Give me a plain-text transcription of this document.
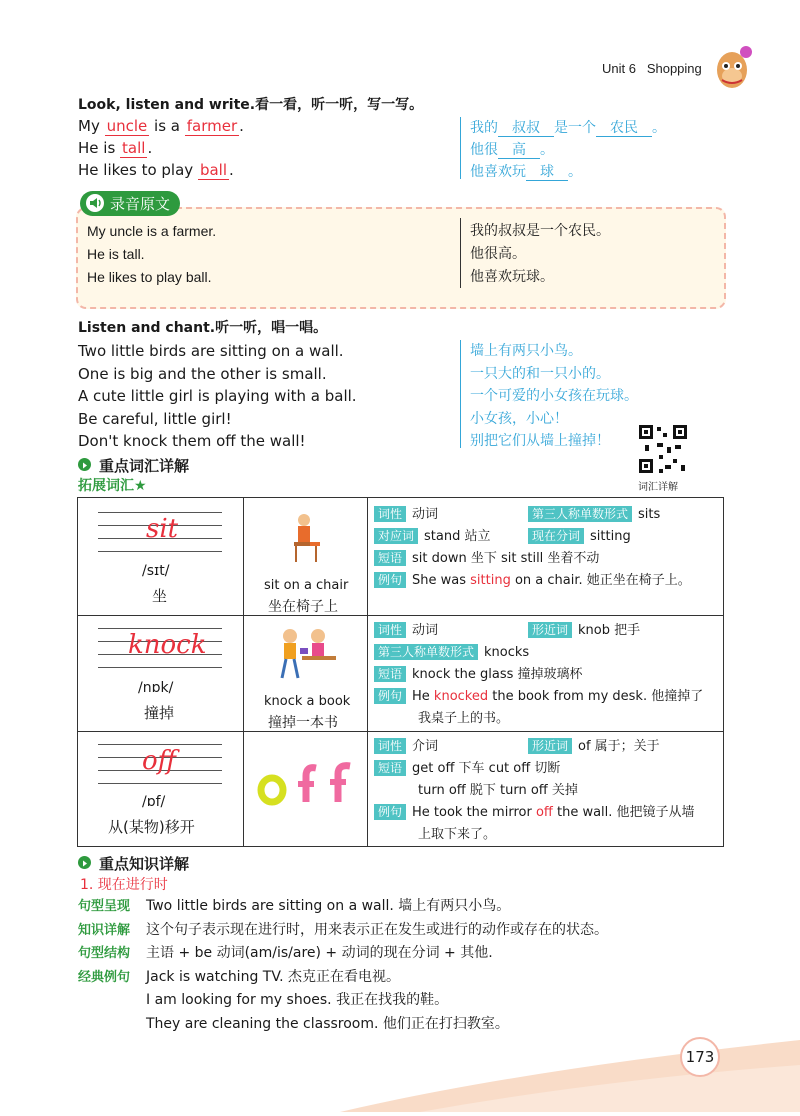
Unit 6 Shopping
Look, listen and write.看一看，听一听，写一写。
My uncle is a farmer .
He is tall .
He likes to play ball .
我的 叔叔 是一个 农民 。
他很 高 。
他喜欢玩 球 。
录音原文
My uncle is a farmer.
He is tall.
He likes to play ball.
我的叔叔是一个农民。
他很高。
他喜欢玩球。
Listen and chant.听一听，唱一唱。
Two little birds are sitting on a wall.
One is big and the other is small.
A cute little girl is playing with a ball.
Be careful, little girl!
Don't knock them off the wall!
墙上有两只小鸟。
一只大的和一只小的。
一个可爱的小女孩在玩球。
小女孩，小心！
别把它们从墙上撞掉！
词汇详解
重点词汇详解
拓展词汇★
sit
/sɪt/
坐
sit on a chair
坐在椅子上
词性 动词	第三人称单数形式 sits
对应词 stand 站立	现在分词 sitting
短语 sit down 坐下 sit still 坐着不动
例句 She was sitting on a chair. 她正坐在椅子上。
knock
/nɒk/
撞掉
knock a book
撞掉一本书
词性 动词	形近词 knob 把手
第三人称单数形式 knocks
短语 knock the glass 撞掉玻璃杯
例句 He knocked the book from my desk. 他撞掉了
我桌子上的书。
off
/ɒf/
从(某物)移开
词性 介词	形近词 of 属于；关于
短语 get off 下车 cut off 切断
turn off 脱下 turn off 关掉
例句 He took the mirror off the wall. 他把镜子从墙
上取下来了。
重点知识详解
1. 现在进行时
句型呈现 Two little birds are sitting on a wall. 墙上有两只小鸟。
知识详解 这个句子表示现在进行时，用来表示正在发生或进行的动作或存在的状态。
句型结构 主语 + be 动词(am/is/are) + 动词的现在分词 + 其他.
经典例句 Jack is watching TV. 杰克正在看电视。
I am looking for my shoes. 我正在找我的鞋。
They are cleaning the classroom. 他们正在打扫教室。
173
